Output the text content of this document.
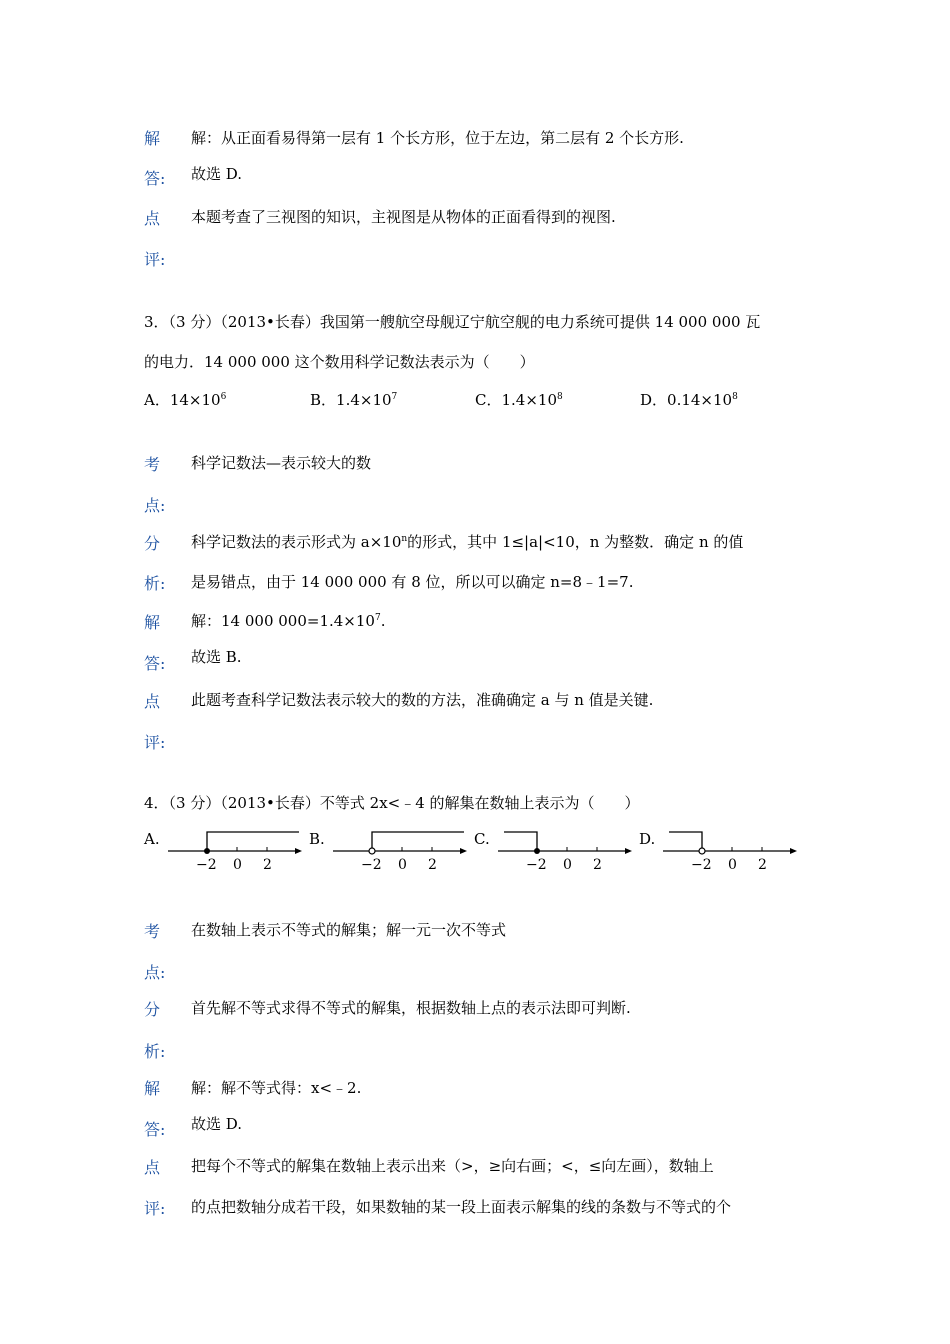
解
答:
解：从正面看易得第一层有 1 个长方形，位于左边，第二层有 2 个长方形.
故选 D.
点
评:
本题考查了三视图的知识，主视图是从物体的正面看得到的视图.
3．（3 分）（2013•长春）我国第一艘航空母舰辽宁航空舰的电力系统可提供 14 000 000 瓦
的电力．14 000 000 这个数用科学记数法表示为（　　）
A．$14\times 10^6$	B．$1.4\times 10^7$	C．$1.4\times 10^8$	D．$0.14\times 10^8$
考
点:
科学记数法—表示较大的数
分
析:
科学记数法的表示形式为 $a\times 10^n$的形式，其中 1≤|a|<10，n 为整数．确定 n 的值
是易错点，由于 14 000 000 有 8 位，所以可以确定 n=8﹣1=7.
解
答:
解：14 000 $000=1.4\times 10^7$.
故选 B.
点
评:
此题考查科学记数法表示较大的数的方法，准确确定 a 与 n 值是关键.
4．（3 分）（2013•长春）不等式 2x<﹣4 的解集在数轴上表示为（　　）
A.
−2 0 2
B.
−2 0 2
C.
−2 0 2
D.
−2 0 2
考
点:
在数轴上表示不等式的解集；解一元一次不等式
分
析:
首先解不等式求得不等式的解集，根据数轴上点的表示法即可判断.
解
答:
解：解不等式得：x<﹣2.
故选 D.
点
评:
把每个不等式的解集在数轴上表示出来（>，≥向右画；<，≤向左画），数轴上
的点把数轴分成若干段，如果数轴的某一段上面表示解集的线的条数与不等式的个
